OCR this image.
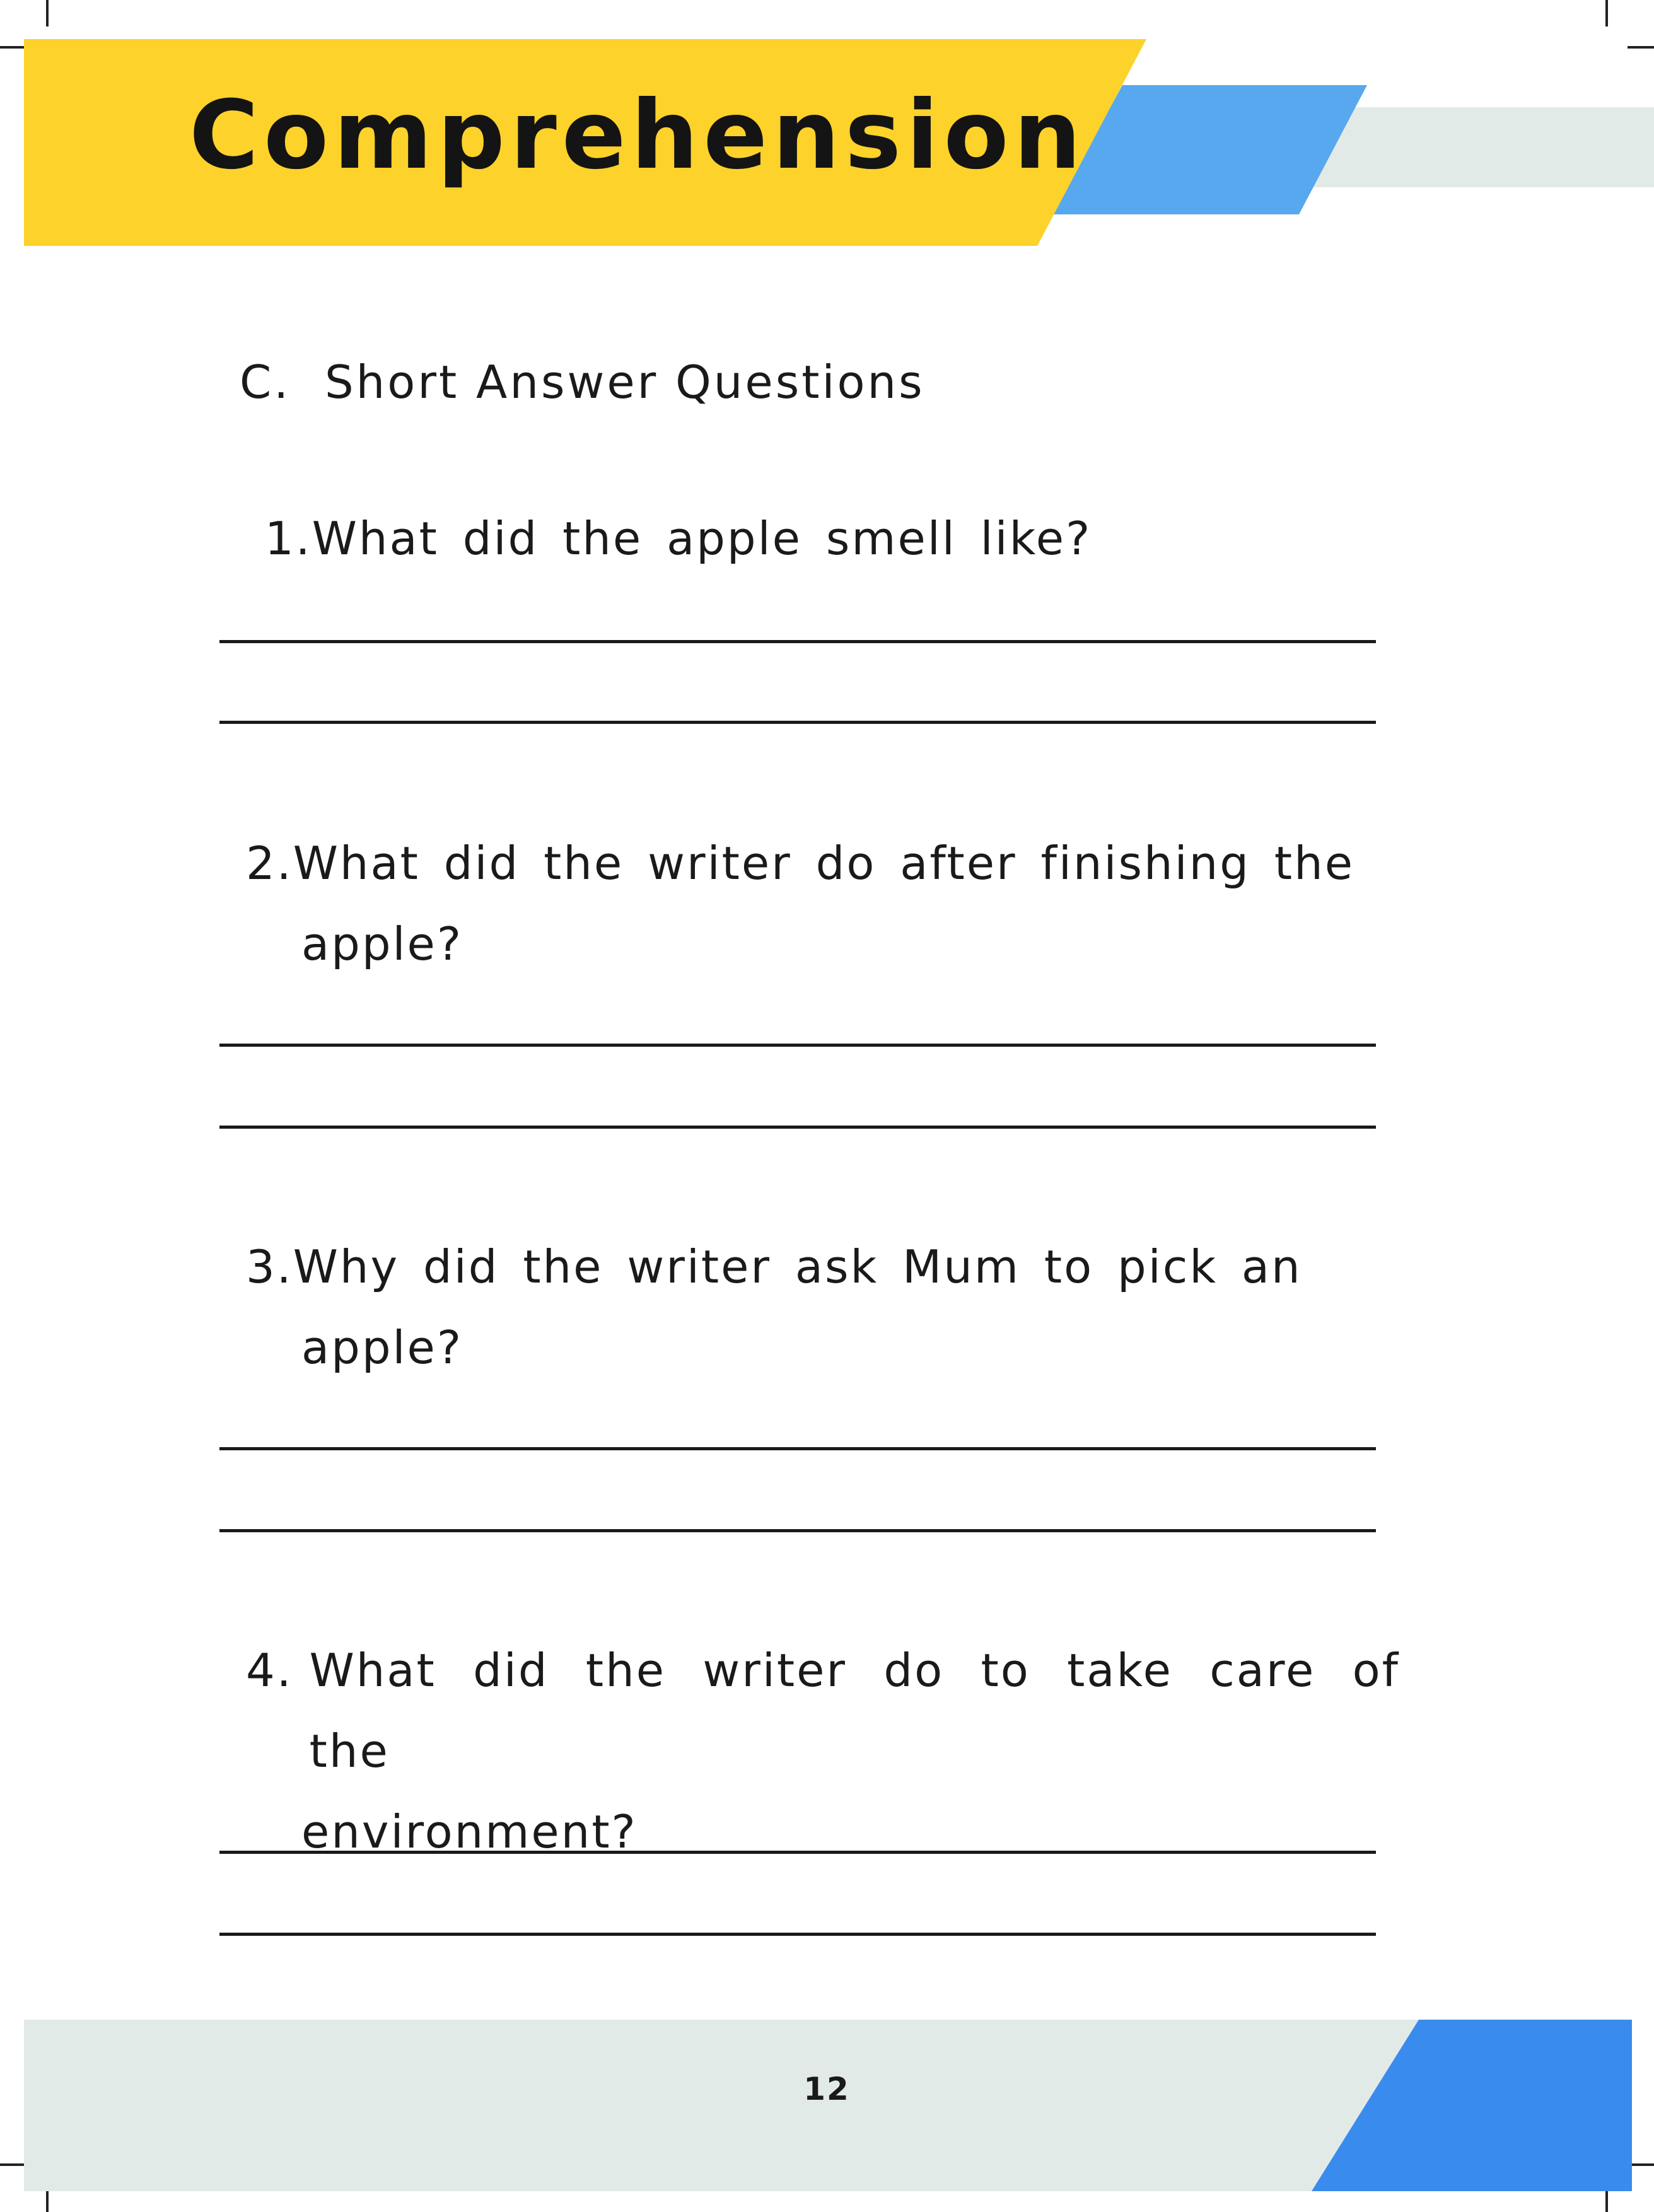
Comprehension
C. Short Answer Questions
1. What did the apple smell like?
2. What did the writer do after finishing the
apple?
3. Why did the writer ask Mum to pick an
apple?
4. What did the writer do to take care of the
environment?
12
